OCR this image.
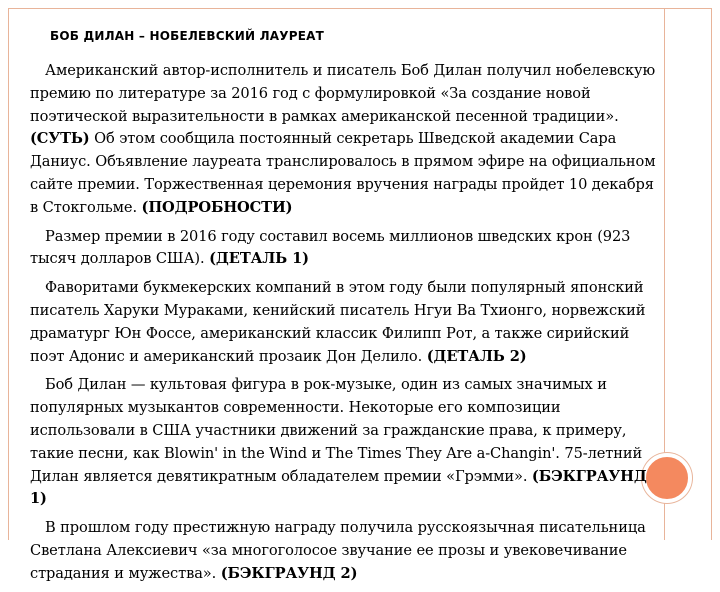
БОБ ДИЛАН – НОБЕЛЕВСКИЙ ЛАУРЕАТ

Американский автор-исполнитель и писатель Боб Дилан получил нобелевскую премию по литературе за 2016 год с формулировкой «За создание новой поэтической выразительности в рамках американской песенной традиции». (СУТЬ) Об этом сообщила постоянный секретарь Шведской академии Сара Даниус. Объявление лауреата транслировалось в прямом эфире на официальном сайте премии. Торжественная церемония вручения награды пройдет 10 декабря в Стокгольме. (ПОДРОБНОСТИ)

Размер премии в 2016 году составил восемь миллионов шведских крон (923 тысяч долларов США). (ДЕТАЛЬ 1)

Фаворитами букмекерских компаний в этом году были популярный японский писатель Харуки Мураками, кенийский писатель Нгуи Ва Тхионго, норвежский драматург Юн Фоссе, американский классик Филипп Рот, а также сирийский поэт Адонис и американский прозаик Дон Делило. (ДЕТАЛЬ 2)

Боб Дилан — культовая фигура в рок-музыке, один из самых значимых и популярных музыкантов современности. Некоторые его композиции использовали в США участники движений за гражданские права, к примеру, такие песни, как Blowin' in the Wind и The Times They Are a-Changin'. 75-летний Дилан является девятикратным обладателем премии «Грэмми». (БЭКГРАУНД 1)

В прошлом году престижную награду получила русскоязычная писательница Светлана Алексиевич «за многоголосое звучание ее прозы и увековечивание страдания и мужества». (БЭКГРАУНД 2)
